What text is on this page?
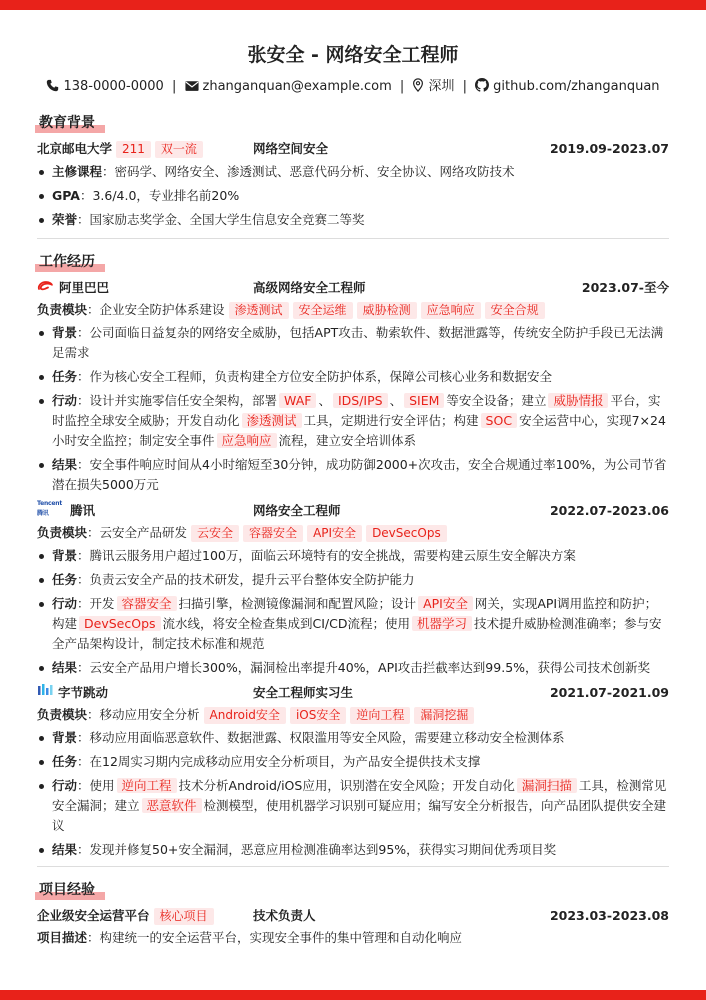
张安全 - 网络安全工程师
138-0000-0000 | zhanganquan@example.com | 深圳 | github.com/zhanganquan
教育背景
北京邮电大学 211	双一流	网络空间安全	2019.09-2023.07
主修课程：密码学、网络安全、渗透测试、恶意代码分析、安全协议、网络攻防技术
GPA：3.6/4.0，专业排名前20%
荣誉：国家励志奖学金、全国大学生信息安全竞赛二等奖
工作经历
阿里巴巴	高级网络安全工程师	2023.07-至今
负责模块：企业安全防护体系建设 渗透测试 安全运维 威胁检测 应急响应 安全合规
背景：公司面临日益复杂的网络安全威胁，包括APT攻击、勒索软件、数据泄露等，传统安全防护手段已无法满足需求
任务：作为核心安全工程师，负责构建全方位安全防护体系，保障公司核心业务和数据安全
行动：设计并实施零信任安全架构，部署 WAF 、 IDS/IPS 、 SIEM 等安全设备；建立 威胁情报 平台，实时监控全球安全威胁；开发自动化 渗透测试 工具，定期进行安全评估；构建 SOC 安全运营中心，实现7×24小时安全监控；制定安全事件 应急响应 流程，建立安全培训体系
结果：安全事件响应时间从4小时缩短至30分钟，成功防御2000+次攻击，安全合规通过率100%，为公司节省潜在损失5000万元
Tencent腾讯	腾讯	网络安全工程师	2022.07-2023.06
负责模块：云安全产品研发 云安全 容器安全 API安全 DevSecOps
背景：腾讯云服务用户超过100万，面临云环境特有的安全挑战，需要构建云原生安全解决方案
任务：负责云安全产品的技术研发，提升云平台整体安全防护能力
行动：开发 容器安全 扫描引擎，检测镜像漏洞和配置风险；设计 API安全 网关，实现API调用监控和防护；构建 DevSecOps 流水线，将安全检查集成到CI/CD流程；使用 机器学习 技术提升威胁检测准确率；参与安全产品架构设计，制定技术标准和规范
结果：云安全产品用户增长300%，漏洞检出率提升40%，API攻击拦截率达到99.5%，获得公司技术创新奖
字节跳动	安全工程师实习生	2021.07-2021.09
负责模块：移动应用安全分析 Android安全 iOS安全 逆向工程 漏洞挖掘
背景：移动应用面临恶意软件、数据泄露、权限滥用等安全风险，需要建立移动安全检测体系
任务：在12周实习期内完成移动应用安全分析项目，为产品安全提供技术支撑
行动：使用 逆向工程 技术分析Android/iOS应用，识别潜在安全风险；开发自动化 漏洞扫描 工具，检测常见安全漏洞；建立 恶意软件 检测模型，使用机器学习识别可疑应用；编写安全分析报告，向产品团队提供安全建议
结果：发现并修复50+安全漏洞，恶意应用检测准确率达到95%，获得实习期间优秀项目奖
项目经验
企业级安全运营平台 核心项目	技术负责人	2023.03-2023.08
项目描述：构建统一的安全运营平台，实现安全事件的集中管理和自动化响应
